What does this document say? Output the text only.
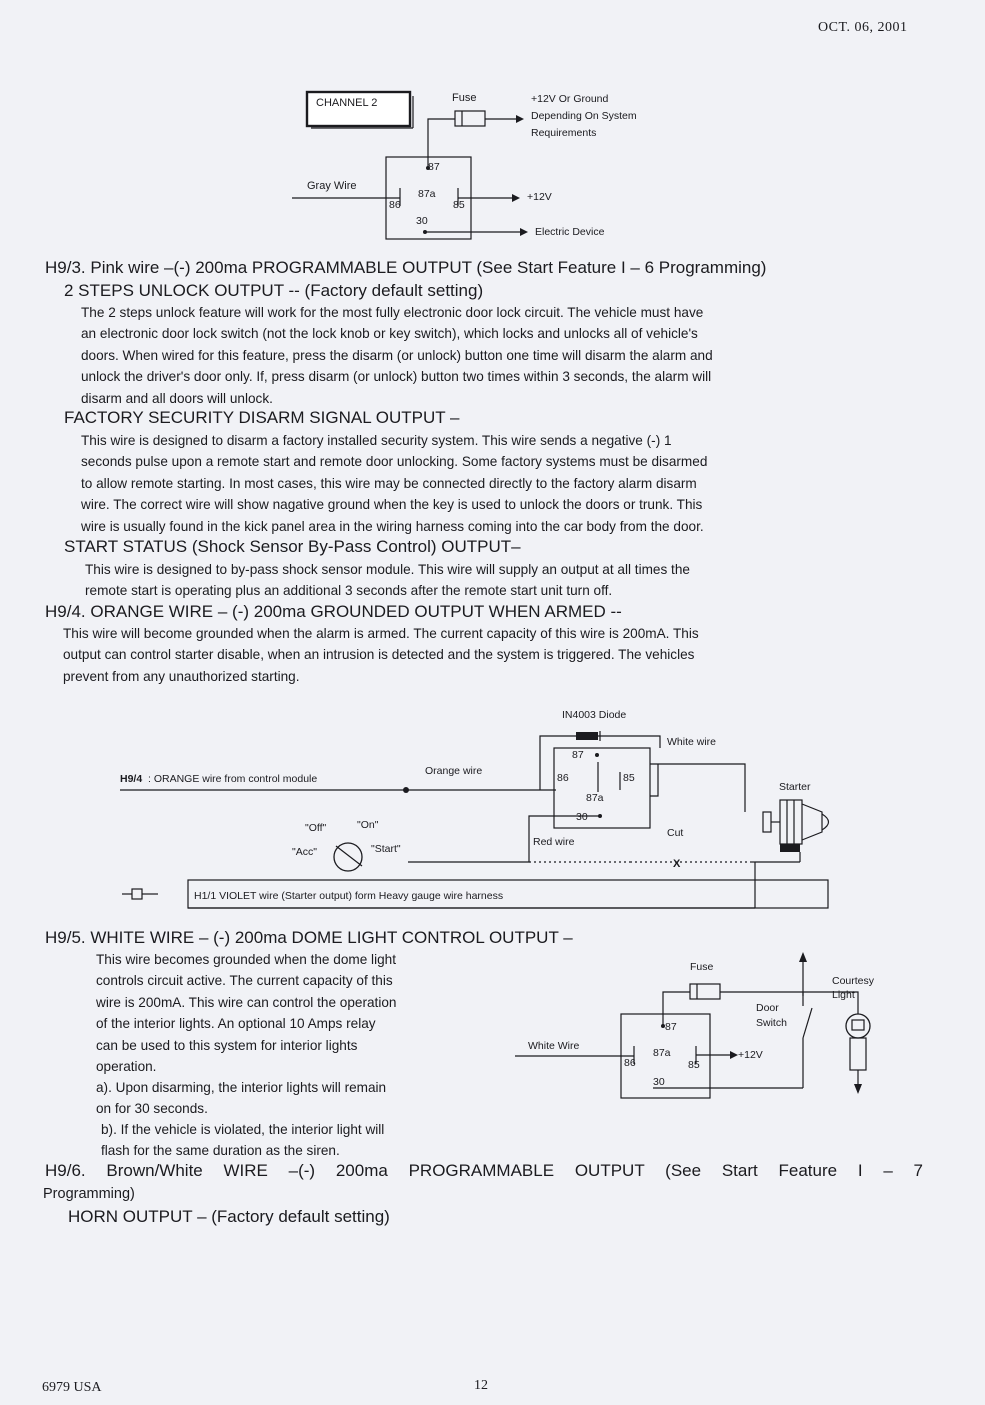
OCT. 06, 2001
CHANNEL 2	Fuse	+12V Or Ground
Depending On System
Requirements
87
Gray Wire
86
87a
85
+12V
30
Electric Device
H9/3. Pink wire –(-) 200ma PROGRAMMABLE OUTPUT (See Start Feature I – 6 Programming)
2 STEPS UNLOCK OUTPUT -- (Factory default setting)
The 2 steps unlock feature will work for the most fully electronic door lock circuit. The vehicle must have
an electronic door lock switch (not the lock knob or key switch), which locks and unlocks all of vehicle's
doors. When wired for this feature, press the disarm (or unlock) button one time will disarm the alarm and
unlock the driver's door only. If, press disarm (or unlock) button two times within 3 seconds, the alarm will
disarm and all doors will unlock.
FACTORY SECURITY DISARM SIGNAL OUTPUT –
This wire is designed to disarm a factory installed security system. This wire sends a negative (-) 1
seconds pulse upon a remote start and remote door unlocking. Some factory systems must be disarmed
to allow remote starting. In most cases, this wire may be connected directly to the factory alarm disarm
wire. The correct wire will show nagative ground when the key is used to unlock the doors or trunk. This
wire is usually found in the kick panel area in the wiring harness coming into the car body from the door.
START STATUS (Shock Sensor By-Pass Control) OUTPUT–
This wire is designed to by-pass shock sensor module. This wire will supply an output at all times the
remote start is operating plus an additional 3 seconds after the remote start unit turn off.
H9/4. ORANGE WIRE – (-) 200ma GROUNDED OUTPUT WHEN ARMED --
This wire will become grounded when the alarm is armed. The current capacity of this wire is 200mA. This
output can control starter disable, when an intrusion is detected and the system is triggered. The vehicles
prevent from any unauthorized starting.
IN4003 Diode
White wire
87
86	85
87a
30
H9/4 : ORANGE wire from control module
Orange wire
Starter
Red wire
Cut
X
"Off"	"On"
"Acc"	"Start"
H1/1 VIOLET wire (Starter output) form Heavy gauge wire harness
H9/5. WHITE WIRE – (-) 200ma DOME LIGHT CONTROL OUTPUT –
This wire becomes grounded when the dome light
controls circuit active. The current capacity of this
wire is 200mA. This wire can control the operation
of the interior lights. An optional 10 Amps relay
can be used to this system for interior lights
operation.
a). Upon disarming, the interior lights will remain
on for 30 seconds.
b). If the vehicle is violated, the interior light will
flash for the same duration as the siren.
Fuse
Courtesy
Light
Door
Switch
87
White Wire
86
87a
85
+12V
30
H9/6. Brown/White WIRE –(-) 200ma PROGRAMMABLE OUTPUT (See Start Feature I – 7
Programming)
HORN OUTPUT – (Factory default setting)
6979 USA	12
